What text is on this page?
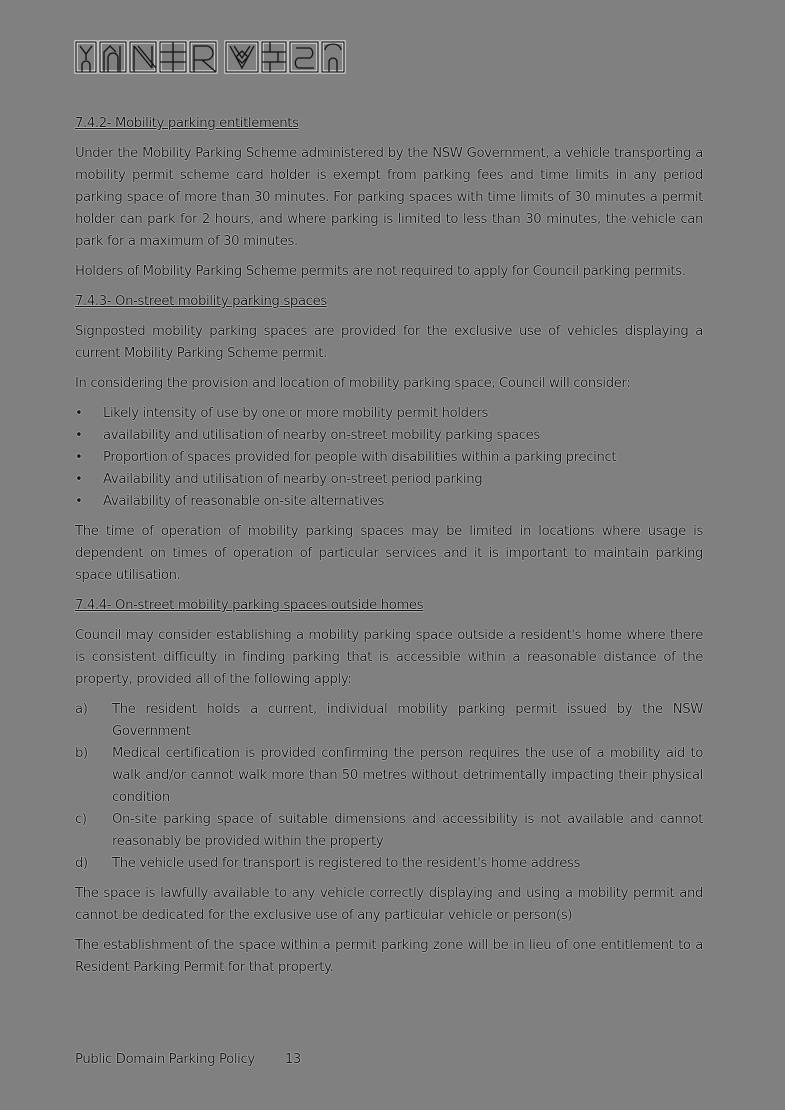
7.4.2- Mobility parking entitlements

Under the Mobility Parking Scheme administered by the NSW Government, a vehicle transporting a mobility permit scheme card holder is exempt from parking fees and time limits in any period parking space of more than 30 minutes. For parking spaces with time limits of 30 minutes a permit holder can park for 2 hours, and where parking is limited to less than 30 minutes, the vehicle can park for a maximum of 30 minutes.

Holders of Mobility Parking Scheme permits are not required to apply for Council parking permits.

7.4.3- On-street mobility parking spaces

Signposted mobility parking spaces are provided for the exclusive use of vehicles displaying a current Mobility Parking Scheme permit.

In considering the provision and location of mobility parking space, Council will consider:

• Likely intensity of use by one or more mobility permit holders
• availability and utilisation of nearby on-street mobility parking spaces
• Proportion of spaces provided for people with disabilities within a parking precinct
• Availability and utilisation of nearby on-street period parking
• Availability of reasonable on-site alternatives

The time of operation of mobility parking spaces may be limited in locations where usage is dependent on times of operation of particular services and it is important to maintain parking space utilisation.

7.4.4- On-street mobility parking spaces outside homes

Council may consider establishing a mobility parking space outside a resident's home where there is consistent difficulty in finding parking that is accessible within a reasonable distance of the property, provided all of the following apply:

a) The resident holds a current, individual mobility parking permit issued by the NSW Government
b) Medical certification is provided confirming the person requires the use of a mobility aid to walk and/or cannot walk more than 50 metres without detrimentally impacting their physical condition
c) On-site parking space of suitable dimensions and accessibility is not available and cannot reasonably be provided within the property
d) The vehicle used for transport is registered to the resident's home address

The space is lawfully available to any vehicle correctly displaying and using a mobility permit and cannot be dedicated for the exclusive use of any particular vehicle or person(s)

The establishment of the space within a permit parking zone will be in lieu of one entitlement to a Resident Parking Permit for that property.

Public Domain Parking Policy 13
